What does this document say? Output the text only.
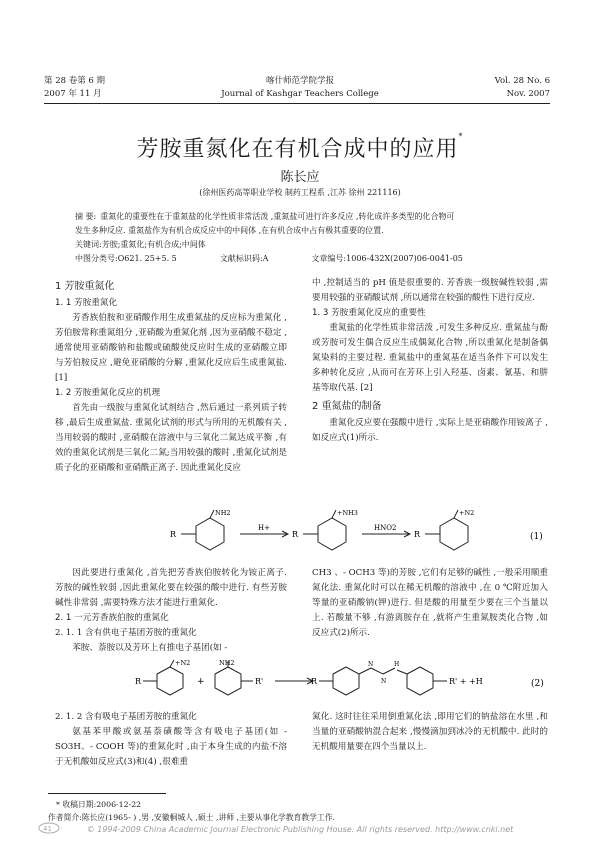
第 28 卷第 6 期
2007 年 11 月
喀什师范学院学报
Journal of Kashgar Teachers College
Vol. 28 No. 6
Nov. 2007
芳胺重氮化在有机合成中的应用*
陈长应
(徐州医药高等职业学校 制药工程系 ,江苏 徐州 221116)
摘 要: 重氮化的重要性在于重氮盐的化学性质非常活泼 ,重氮盐可进行许多反应 ,转化成许多类型的化合物可
发生多种反应. 重氮盐作为有机合成反应中的中间体 ,在有机合成中占有极其重要的位置.
关键词:芳胺;重氮化;有机合成;中间体
中图分类号:O621. 25+5. 5	文献标识码:A	文章编号:1006-432X(2007)06-0041-05
1 芳胺重氮化
1. 1 芳胺重氮化
芳香族伯胺和亚硝酸作用生成重氮盐的反应标为重氮化 ,芳伯胺常称重氮组分 ,亚硝酸为重氮化剂 ,因为亚硝酸不稳定 ,通常使用亚硝酸钠和盐酸或硫酸使反应时生成的亚硝酸立即与芳伯胺反应 ,避免亚硝酸的分解 ,重氮化反应后生成重氮盐. [1]
1. 2 芳胺重氮化反应的机理
首先由一级胺与重氮化试剂结合 ,然后通过一系列质子转移 ,最后生成重氮盐. 重氮化试剂的形式与所用的无机酸有关 ,当用较弱的酸时 ,亚硝酸在溶液中与三氧化二氮达成平衡 ,有效的重氮化试剂是三氧化二氮;当用较强的酸时 ,重氮化试剂是质子化的亚硝酸和亚硝酰正离子. 因此重氮化反应
中 ,控制适当的 pH 值是很重要的. 芳香族一级胺碱性较弱 ,需要用较强的亚硝酸试剂 ,所以通常在较强的酸性下进行反应.
1. 3 芳胺重氮化反应的重要性
重氮盐的化学性质非常活泼 ,可发生多种反应. 重氮盐与酚或芳胺可发生偶合反应生成偶氮化合物 ,所以重氮化是制备偶氮染料的主要过程. 重氮盐中的重氮基在适当条件下可以发生多种转化反应 ,从而可在芳环上引入羟基、卤素、氰基、和肼基等取代基. [2]
2 重氮盐的制备
重氮化反应要在强酸中进行 ,实际上是亚硝酸作用铵离子 ,如反应式(1)所示.
R
NH2
H+
R
+NH3
HNO2
R
+N2
(1)
因此要进行重氮化 ,首先把芳香族伯胺转化为铵正离子. 芳胺的碱性较弱 ,因此重氮化要在较强的酸中进行. 有些芳胺碱性非常弱 ,需要特殊方法才能进行重氮化.
2. 1 一元芳香族伯胺的重氮化
2. 1. 1 含有供电子基团芳胺的重氮化
苯胺、萘胺以及芳环上有推电子基团(如 -
CH3 、- OCH3 等)的芳胺 ,它们有足够的碱性 ,一般采用顺重氮化法. 重氮化时可以在稀无机酸的溶液中 ,在 0 ℃附近加入等量的亚硝酸钠(钾)进行. 但是酸的用量至少要在三个当量以上. 若酸量不够 ,有游离胺存在 ,就将产生重氮胺类化合物 ,如反应式(2)所示.
R
+N2
+
NH2
R'	R
N
N
H
R' + +H	(2)
2. 1. 2 含有吸电子基团芳胺的重氮化
氨基苯甲酸或氨基萘磺酸等含有吸电子基团(如 - SO3H、- COOH 等)的重氮化时 ,由于本身生成的内盐不溶于无机酸如反应式(3)和(4) ,很难重
氮化. 这时往往采用倒重氮化法 ,即用它们的钠盐溶在水里 ,和当量的亚硝酸钠混合起来 ,慢慢滴加到冰冷的无机酸中. 此时的无机酸用量要在四个当量以上.
* 收稿日期:2006-12-22
作者简介:陈长应(1965- ) ,男 ,安徽桐城人 ,硕士 ,讲师 ,主要从事化学教育教学工作.
41	© 1994-2009 China Academic Journal Electronic Publishing House. All rights reserved. http://www.cnki.net
